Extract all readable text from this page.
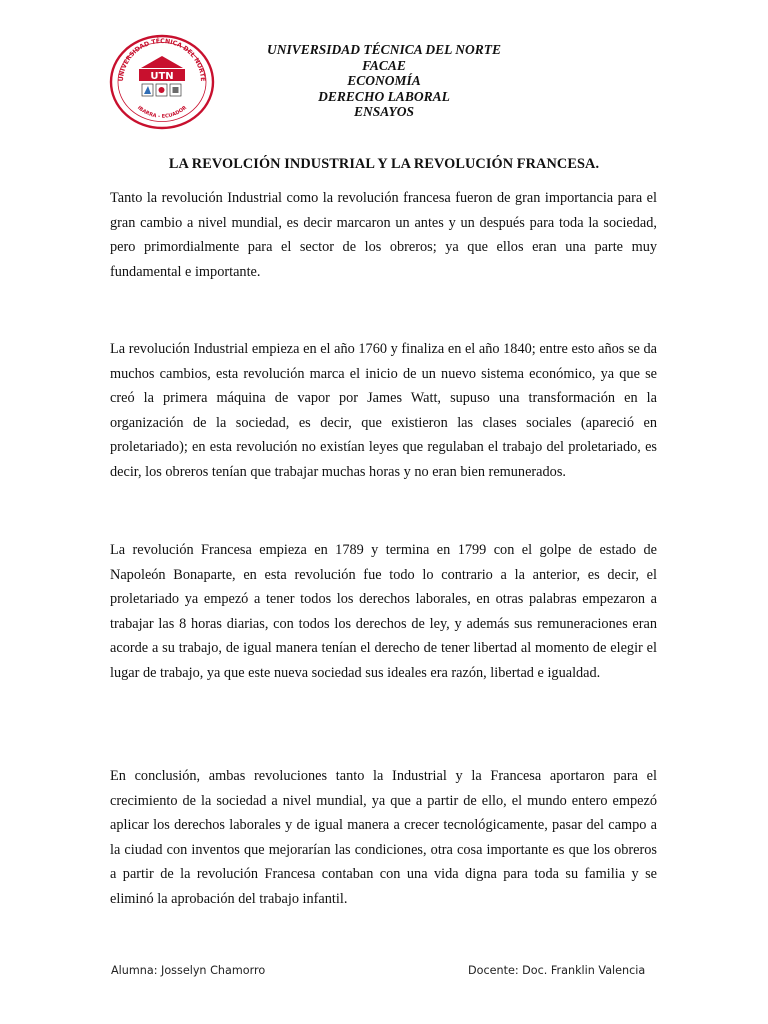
UNIVERSIDAD TÉCNICA DEL NORTE
IBARRA - ECUADOR
UTN
UNIVERSIDAD TÉCNICA DEL NORTE
FACAE
ECONOMÍA
DERECHO LABORAL
ENSAYOS
LA REVOLCIÓN INDUSTRIAL Y LA REVOLUCIÓN FRANCESA.

Tanto la revolución Industrial como la revolución francesa fueron de gran importancia para el gran cambio a nivel mundial, es decir marcaron un antes y un después para toda la sociedad, pero primordialmente para el sector de los obreros; ya que ellos eran una parte muy fundamental e importante.

La revolución Industrial empieza en el año 1760 y finaliza en el año 1840; entre esto años se da muchos cambios, esta revolución marca el inicio de un nuevo sistema económico, ya que se creó la primera máquina de vapor por James Watt, supuso una transformación en la organización de la sociedad, es decir, que existieron las clases sociales (apareció en proletariado); en esta revolución no existían leyes que regulaban el trabajo del proletariado, es decir, los obreros tenían que trabajar muchas horas y no eran bien remunerados.

La revolución Francesa empieza en 1789 y termina en 1799 con el golpe de estado de Napoleón Bonaparte, en esta revolución fue todo lo contrario a la anterior, es decir, el proletariado ya empezó a tener todos los derechos laborales, en otras palabras empezaron a trabajar las 8 horas diarias, con todos los derechos de ley, y además sus remuneraciones eran acorde a su trabajo, de igual manera tenían el derecho de tener libertad al momento de elegir el lugar de trabajo, ya que este nueva sociedad sus ideales era razón, libertad e igualdad.

En conclusión, ambas revoluciones tanto la Industrial y la Francesa aportaron para el crecimiento de la sociedad a nivel mundial, ya que a partir de ello, el mundo entero empezó aplicar los derechos laborales y de igual manera a crecer tecnológicamente, pasar del campo a la ciudad con inventos que mejorarían las condiciones, otra cosa importante es que los obreros a partir de la revolución Francesa contaban con una vida digna para toda su familia y se eliminó la aprobación del trabajo infantil.

Alumna: Josselyn Chamorro	Docente: Doc. Franklin Valencia
